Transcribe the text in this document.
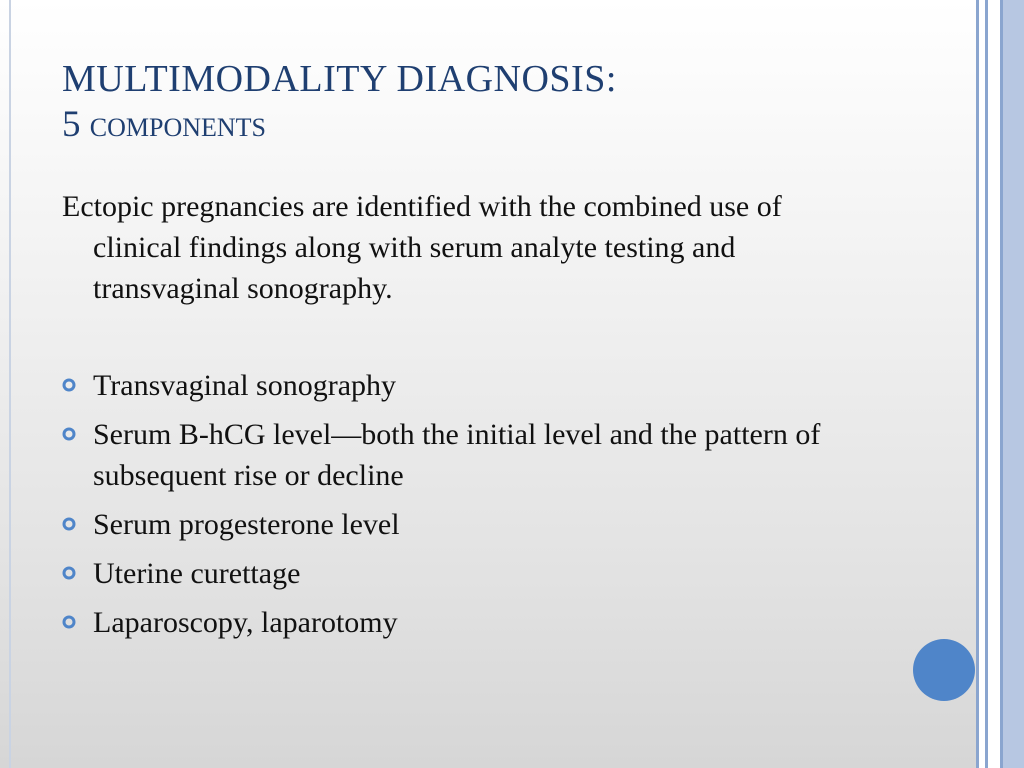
MULTIMODALITY DIAGNOSIS:
5 components

Ectopic pregnancies are identified with the combined use of clinical findings along with serum analyte testing and transvaginal sonography.

Transvaginal sonography
Serum B-hCG level—both the initial level and the pattern of subsequent rise or decline
Serum progesterone level
Uterine curettage
Laparoscopy, laparotomy
